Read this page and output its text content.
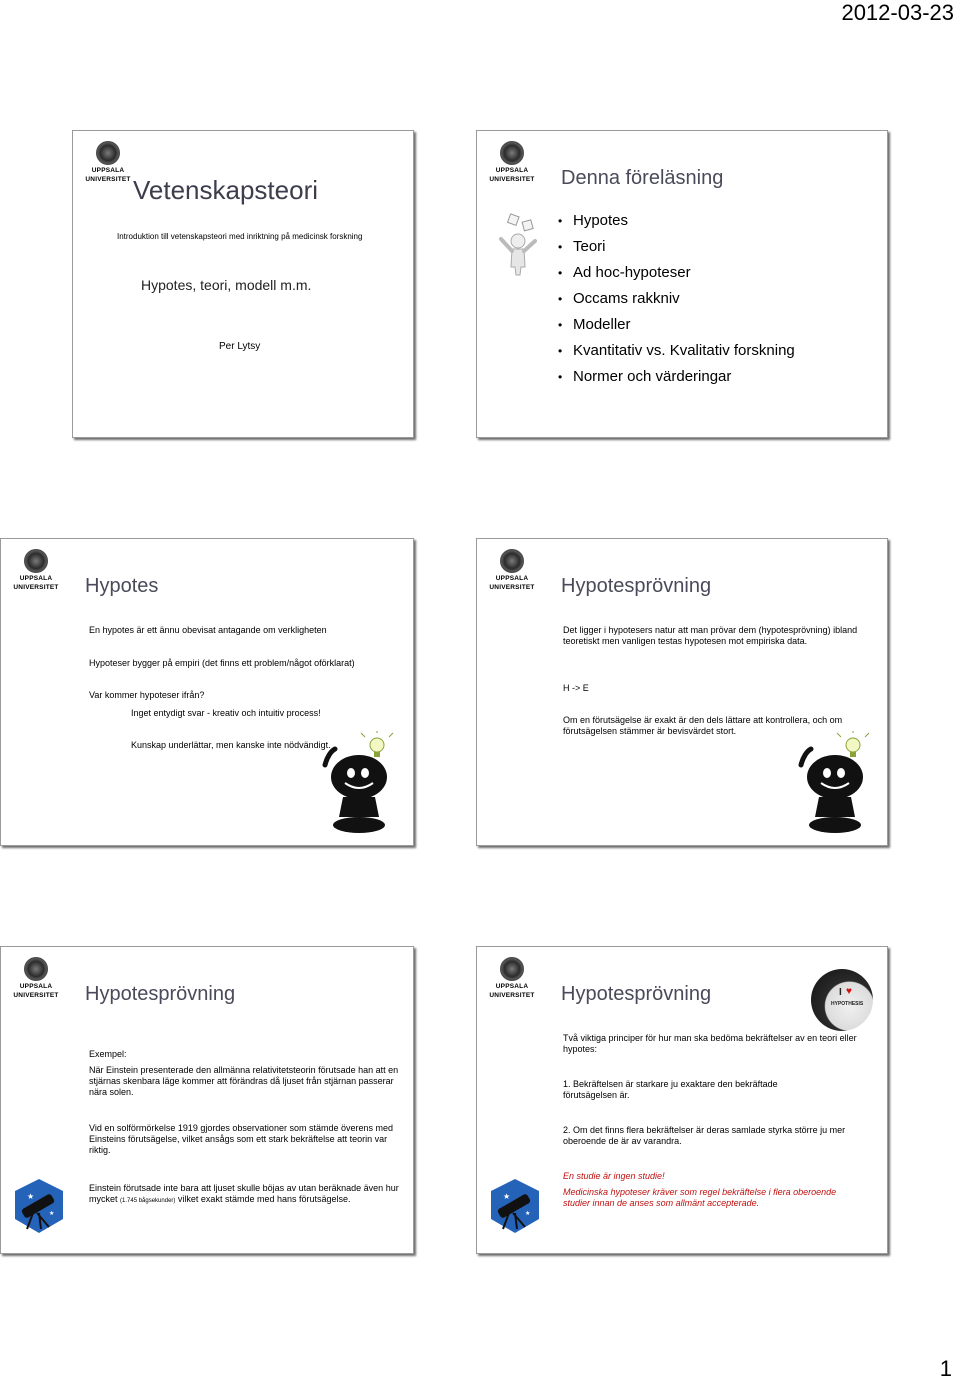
2012-03-23
UPPSALA
UNIVERSITET Vetenskapsteori
Introduktion till vetenskapsteori med inriktning på medicinsk forskning
Hypotes, teori, modell m.m.
Per Lytsy
UPPSALA
UNIVERSITET Denna föreläsning
• Hypotes
• Teori
• Ad hoc-hypoteser
• Occams rakkniv
• Modeller
• Kvantitativ vs. Kvalitativ forskning
• Normer och värderingar
UPPSALA
UNIVERSITET Hypotes
En hypotes är ett ännu obevisat antagande om verkligheten
Hypoteser bygger på empiri (det finns ett problem/något oförklarat)
Var kommer hypoteser ifrån?
Inget entydigt svar - kreativ och intuitiv process!
Kunskap underlättar, men kanske inte nödvändigt.
UPPSALA
UNIVERSITET Hypotesprövning
Det ligger i hypotesers natur att man prövar dem (hypotesprövning) ibland teoretiskt men vanligen testas hypotesen mot empiriska data.
H -> E
Om en förutsägelse är exakt är den dels lättare att kontrollera, och om förutsägelsen stämmer är bevisvärdet stort.
UPPSALA
UNIVERSITET Hypotesprövning
Exempel:
När Einstein presenterade den allmänna relativitetsteorin förutsade han att en stjärnas skenbara läge kommer att förändras då ljuset från stjärnan passerar nära solen.
Vid en solförmörkelse 1919 gjordes observationer som stämde överens med Einsteins förutsägelse, vilket ansågs som ett stark bekräftelse att teorin var riktig.
Einstein förutsade inte bara att ljuset skulle böjas av utan beräknade även hur mycket (1.745 bågsekunder) vilket exakt stämde med hans förutsägelse.
★
★
UPPSALA
UNIVERSITET Hypotesprövning	I ♥
HYPOTHESIS
Två viktiga principer för hur man ska bedöma bekräftelser av en teori eller hypotes:
1. Bekräftelsen är starkare ju exaktare den bekräftade förutsägelsen är.
2. Om det finns flera bekräftelser är deras samlade styrka större ju mer oberoende de är av varandra.
En studie är ingen studie!
Medicinska hypoteser kräver som regel bekräftelse i flera oberoende studier innan de anses som allmänt accepterade.
★
★
1
